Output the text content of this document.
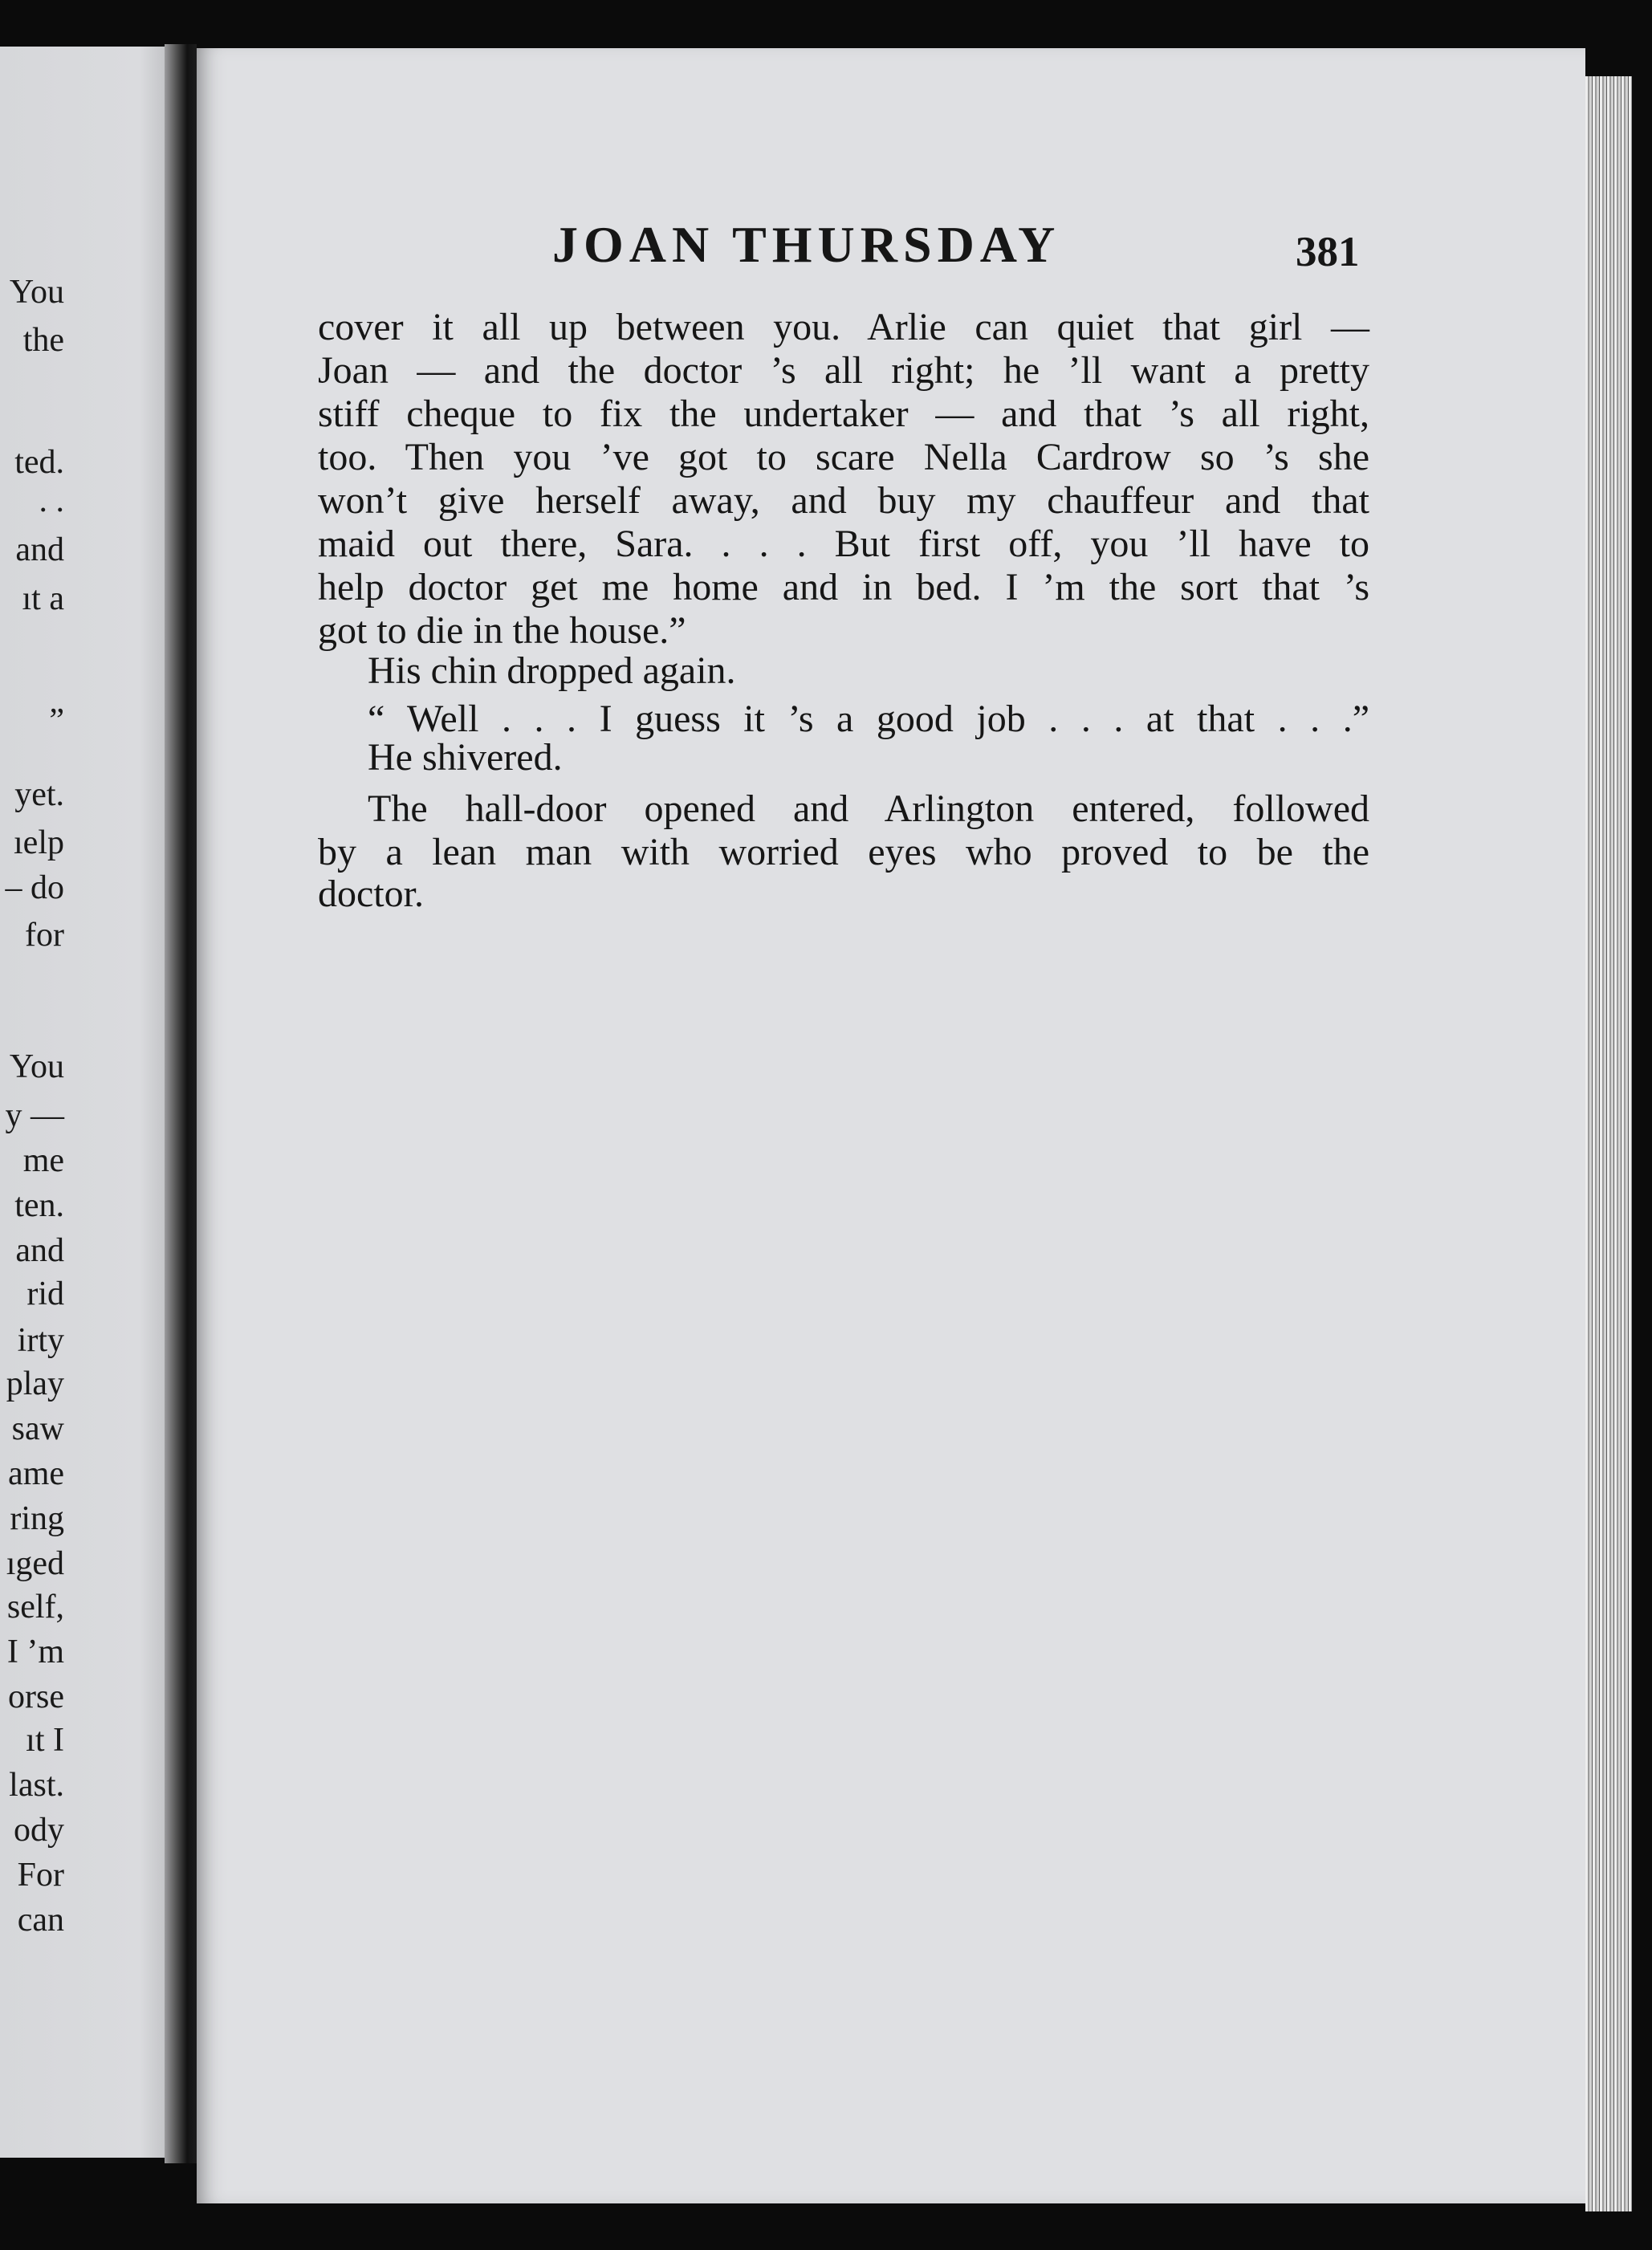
You
the
ted.
. .
and
ıt a
”
yet.
ıelp
– do
for
You
y —
me
ten.
and
rid
irty
play
saw
ame
ring
ıged
self,
I ’m
orse
ıt I
last.
ody
For
can
JOAN THURSDAY	381
cover it all up between you. Arlie can quiet that girl —
Joan — and the doctor ’s all right; he ’ll want a pretty
stiff cheque to fix the undertaker — and that ’s all right,
too. Then you ’ve got to scare Nella Cardrow so ’s she
won’t give herself away, and buy my chauffeur and that
maid out there, Sara. . . . But first off, you ’ll have to
help doctor get me home and in bed. I ’m the sort that ’s
got to die in the house.”
His chin dropped again.
“ Well . . . I guess it ’s a good job . . . at that . . .”
He shivered.
The hall-door opened and Arlington entered, followed
by a lean man with worried eyes who proved to be the
doctor.
